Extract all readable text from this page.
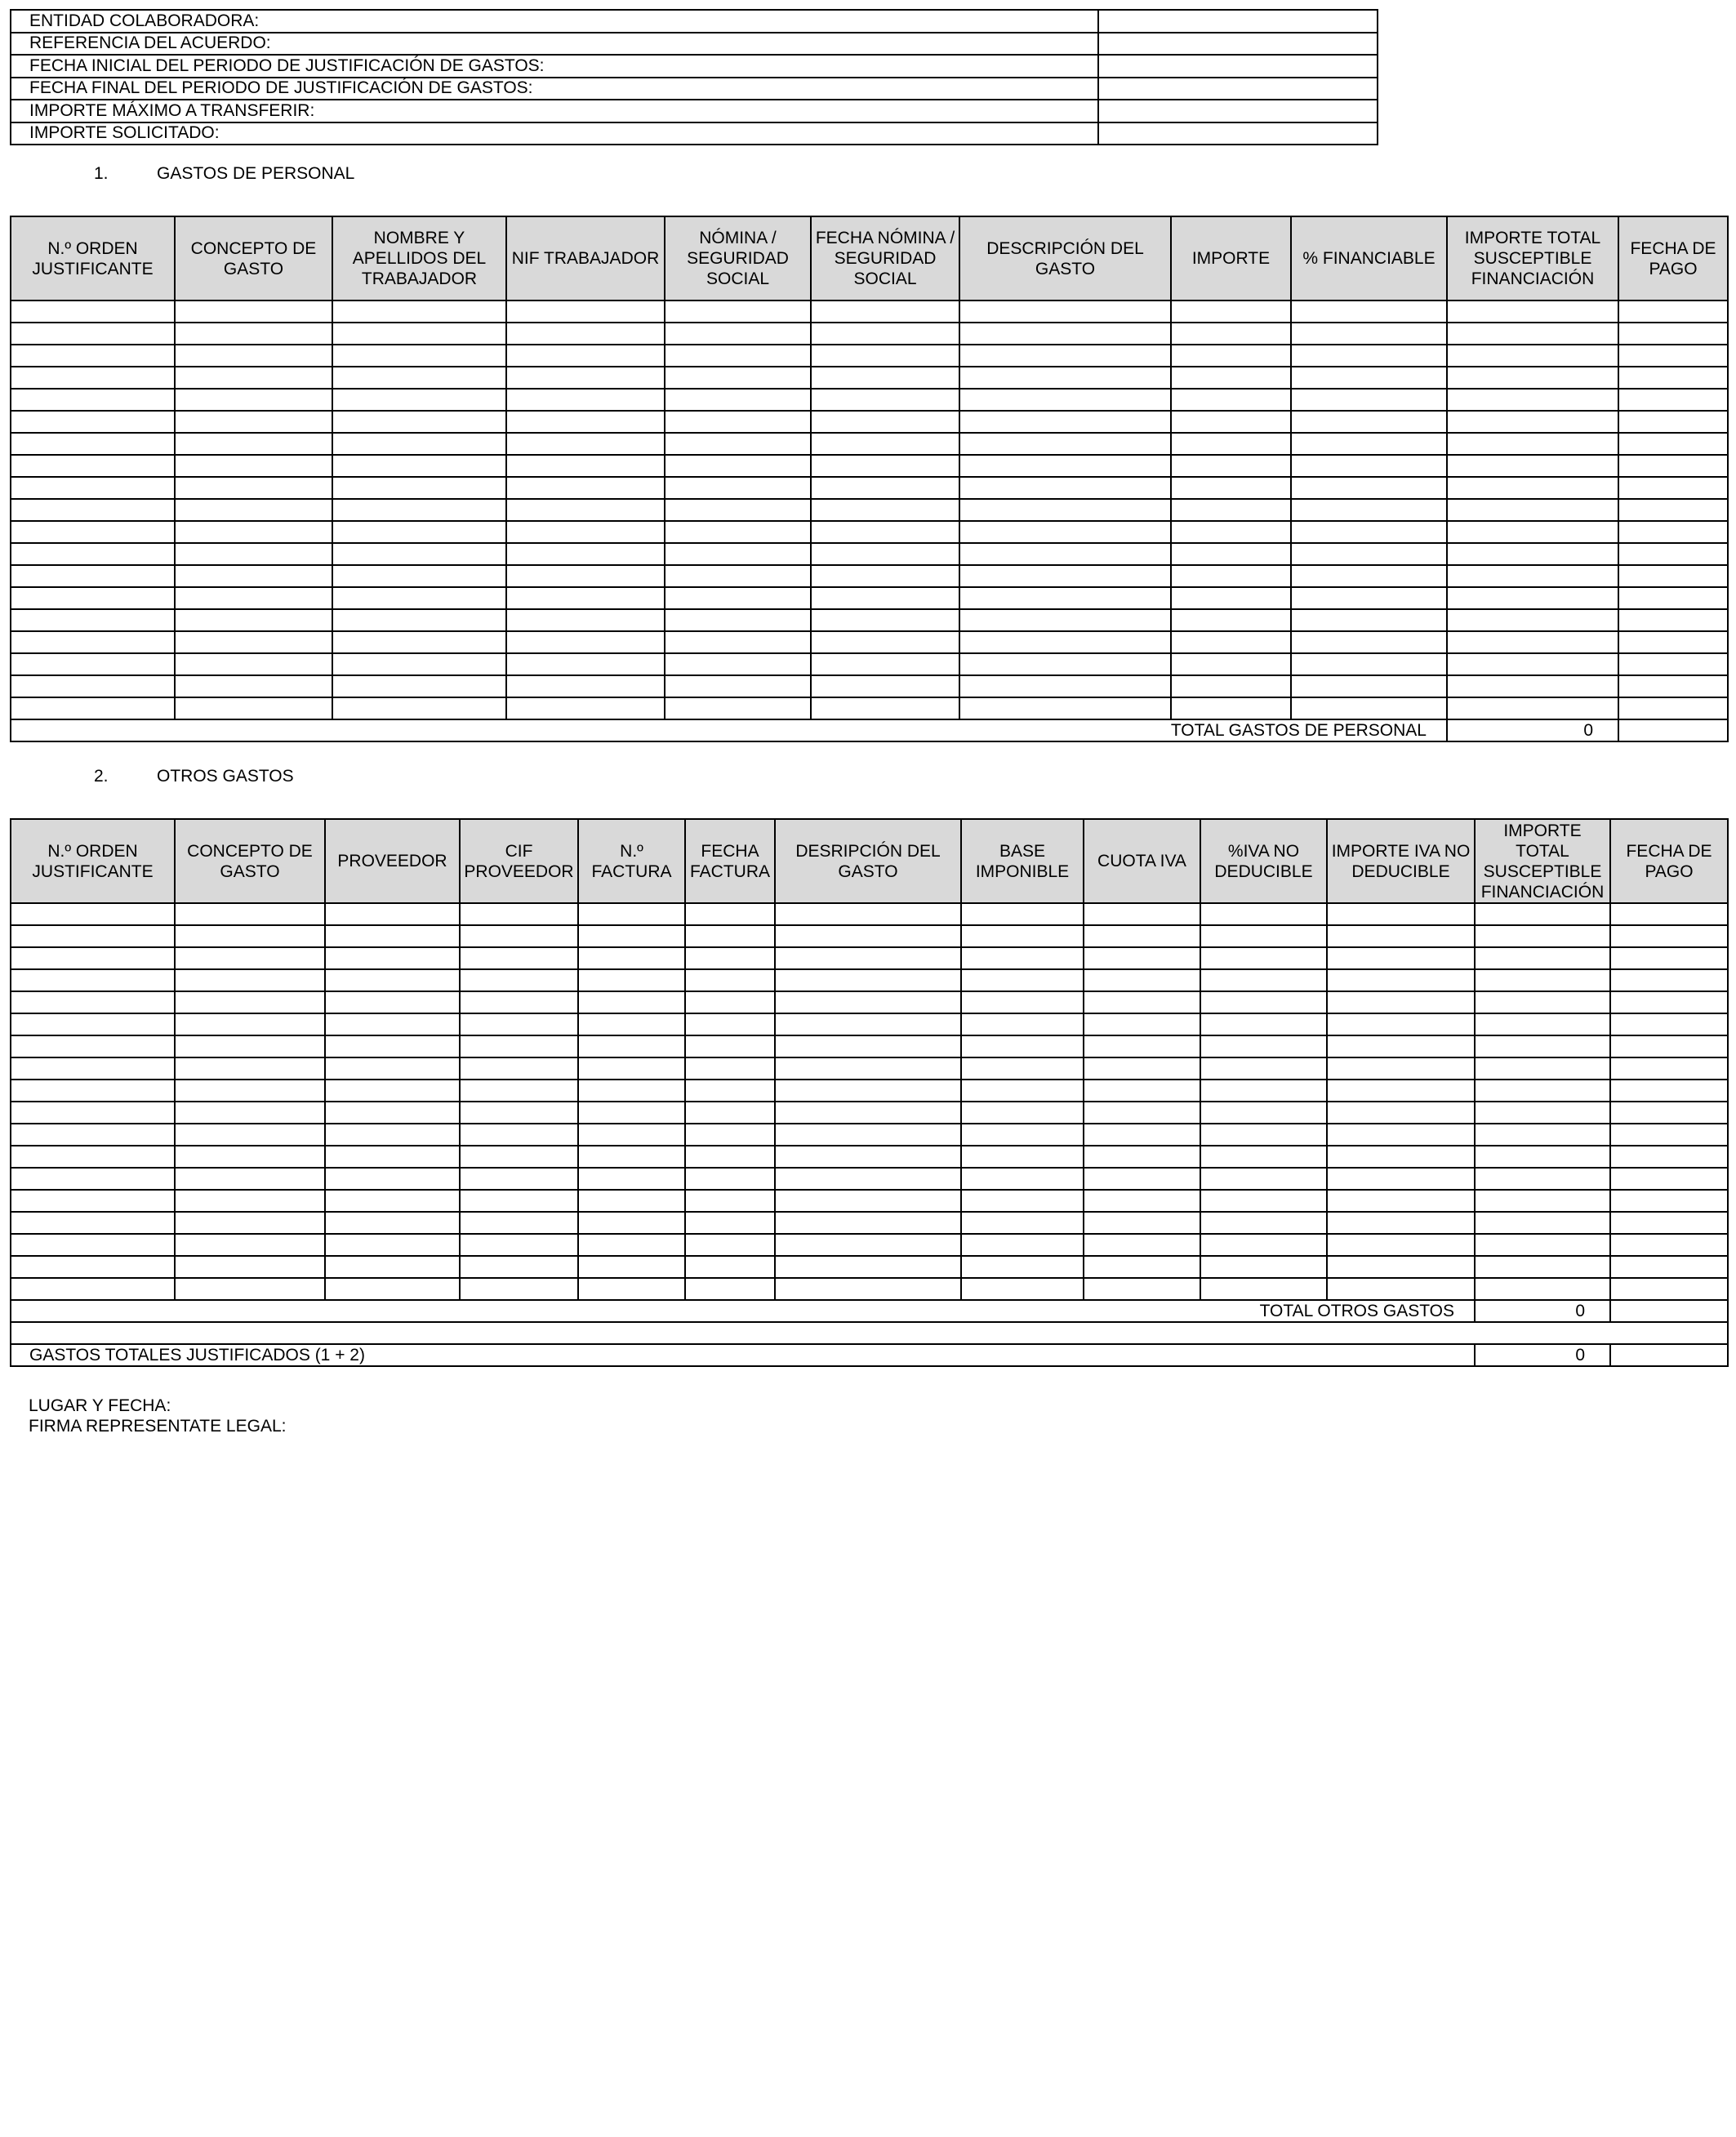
ENTIDAD COLABORADORA:	
REFERENCIA DEL ACUERDO:	
FECHA INICIAL DEL PERIODO DE JUSTIFICACIÓN DE GASTOS:	
FECHA FINAL DEL PERIODO DE JUSTIFICACIÓN DE GASTOS:	
IMPORTE MÁXIMO A TRANSFERIR:	
IMPORTE SOLICITADO:	
1.	GASTOS DE PERSONAL
N.º ORDEN JUSTIFICANTE	CONCEPTO DE GASTO	NOMBRE Y APELLIDOS DEL TRABAJADOR	NIF TRABAJADOR	NÓMINA / SEGURIDAD SOCIAL	FECHA NÓMINA / SEGURIDAD SOCIAL	DESCRIPCIÓN DEL GASTO	IMPORTE	% FINANCIABLE	IMPORTE TOTAL SUSCEPTIBLE FINANCIACIÓN	FECHA DE PAGO

TOTAL GASTOS DE PERSONAL									0	
2.	OTROS GASTOS
N.º ORDEN JUSTIFICANTE	CONCEPTO DE GASTO	PROVEEDOR	CIF PROVEEDOR	N.º FACTURA	FECHA FACTURA	DESRIPCIÓN DEL GASTO	BASE IMPONIBLE	CUOTA IVA	%IVA NO DEDUCIBLE	IMPORTE IVA NO DEDUCIBLE	IMPORTE TOTAL SUSCEPTIBLE FINANCIACIÓN	FECHA DE PAGO

TOTAL OTROS GASTOS											0	

GASTOS TOTALES JUSTIFICADOS (1 + 2)											0	
LUGAR Y FECHA:
FIRMA REPRESENTATE LEGAL:
